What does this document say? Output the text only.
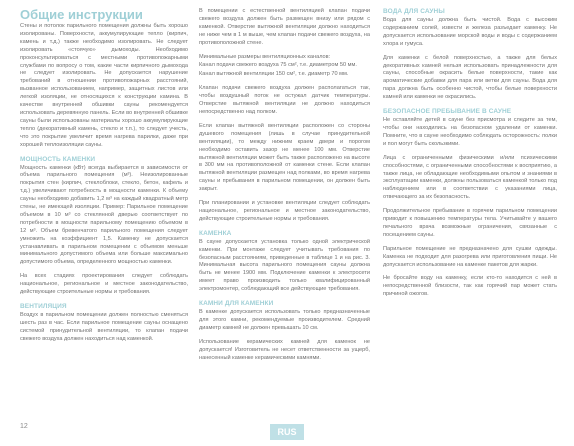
Общие инструкции

Стены и потолок парильного помещения должны быть хорошо изолированы. Поверхности, аккумулирующие тепло (кирпич, камень и т.д.) также необходимо изолировать. Не следует изолировать «стоячую» дымоходы. Необходимо проконсультироваться с местными противопожарными службами по вопросу о том, какие части кирпичного дымохода не следует изолировать. Не допускается нарушение требований в отношении противопожарных расстояний, вызванное использованием, например, защитных листов или легкой изоляции, не относящихся к конструкции камина. В качестве внутренней обшивки сауны рекомендуется использовать деревянную панель. Если во внутренней обшивке сауны были использованы материалы хорошо аккумулирующие тепло (декоративный камень, стекло и т.п.), то следует учесть, что это покрытие увеличит время нагрева парилки, даже при хорошей теплоизоляции сауны.

МОЩНОСТЬ КАМЕНКИ

Мощность каменки (кВт) всегда выбирается в зависимости от объема парильного помещения (м³). Неизолированные покрытия стен (кирпич, стеклоблоки, стекло, бетон, кафель и т.д.) увеличивают потребность в мощности каменки. К объему сауны необходимо добавить 1,2 м³ на каждый квадратный метр стены, не имеющей изоляции. Пример: Парильное помещение объемом в 10 м³ со стеклянной дверью соответствует по потребности в мощности парильному помещению объемом в 12 м³. Объем бревенчатого парильного помещения следует умножить на коэффициент 1,5. Каменку не допускается устанавливать в парильном помещении с объемом меньше минимального допустимого объема или больше максимально допустимого объема, определенного мощностью каменки.

На всех стадиях проектирования следует соблюдать национальное, региональное и местное законодательство, действующие строительные нормы и требования.

ВЕНТИЛЯЦИЯ

Воздух в парильном помещении должен полностью сменяться шесть раз в час. Если парильное помещение сауны оснащено системой принудительной вентиляции, то клапан подачи свежего воздуха должен находиться над каменкой.

В помещении с естественной вентиляцией клапан подачи свежего воздуха должен быть размещен внизу или рядом с каменкой. Отверстие вытяжной вентиляции должно находиться не ниже чем в 1 м выше, чем клапан подачи свежего воздуха, на противоположной стене.

Минимальные размеры вентиляционных каналов:

Канал подачи свежего воздуха 75 см², т.е. диаметром 50 мм.

Канал вытяжной вентиляции 150 см², т.е. диаметр 70 мм.

Клапан подачи свежего воздуха должен располагаться так, чтобы воздушный поток не остужал датчик температуры. Отверстие вытяжной вентиляции не должно находиться непосредственно над полком.

Если клапан вытяжной вентиляции расположен со стороны душевого помещения (лишь в случае принудительной вентиляции), то между нижним краем двери и порогом необходимо оставить зазор не менее 100 мм. Отверстие вытяжной вентиляции может быть также расположено на высоте в 300 мм на противоположной от каменки стене. Если клапан вытяжной вентиляции размещен над полками, во время нагрева сауны и пребывания в парильном помещении, он должен быть закрыт.

При планировании и установке вентиляции следует соблюдать национальное, региональное и местное законодательство, действующие строительные нормы и требования.

КАМЕНКА

В сауне допускается установка только одной электрической каменки. При монтаже следует учитывать требования по безопасным расстояниям, приведенные в таблице 1 и на рис. 3. Минимальная высота парильного помещения сауны должна быть не менее 1900 мм. Подключение каменки к электросети имеет право производить только квалифицированный электромонтер, соблюдающий все действующие требования.

КАМНИ ДЛЯ КАМЕНКИ

В каменке допускается использовать только предназначенные для этого камни, рекомендуемые производителем. Средний диаметр камней не должен превышать 10 см.

Использование керамических камней для каменок не допускается! Изготовитель не несет ответственности за ущерб, нанесенный каменке керамическими камнями.

ВОДА ДЛЯ САУНЫ

Вода для сауны должна быть чистой. Вода с высоким содержанием солей, извести и железа разъедает каменку. Не допускается использование морской воды и воды с содержанием хлора и гумуса.

Для каменки с белой поверхностью, а также для белых декоративных камней нельзя использовать принадлежности для сауны, способные окрасить белые поверхности, такие как ароматические добавки для пара или ветки для сауны. Вода для пара должна быть особенно чистой, чтобы белые поверхности камней или каменки не окрасились.

БЕЗОПАСНОЕ ПРЕБЫВАНИЕ В САУНЕ

Не оставляйте детей в сауне без присмотра и следите за тем, чтобы они находились на безопасном удалении от каменки. Помните, что в сауне необходимо соблюдать осторожность: полки и пол могут быть скользкими.

Лица с ограниченными физическими и/или психическими способностями, с ограниченными способностями к восприятию, а также лица, не обладающие необходимыми опытом и знаниями в эксплуатации каменки, должны пользоваться каменкой только под наблюдением или в соответствии с указаниями лица, отвечающего за их безопасность.

Продолжительное пребывание в горячем парильном помещении приводит к повышению температуры тела. Учитывайте у вашего печального врача возможные ограничения, связанные с посещением сауны.

Парильное помещение не предназначено для сушки одежды. Каменка не подходит для разогрева или приготовления пищи. Не допускается использование на каменке пакетов для жарки.

Не бросайте воду на каменку, если кто-то находится с ней в непосредственной близости, так как горячий пар может стать причиной ожогов.

12
RUS
